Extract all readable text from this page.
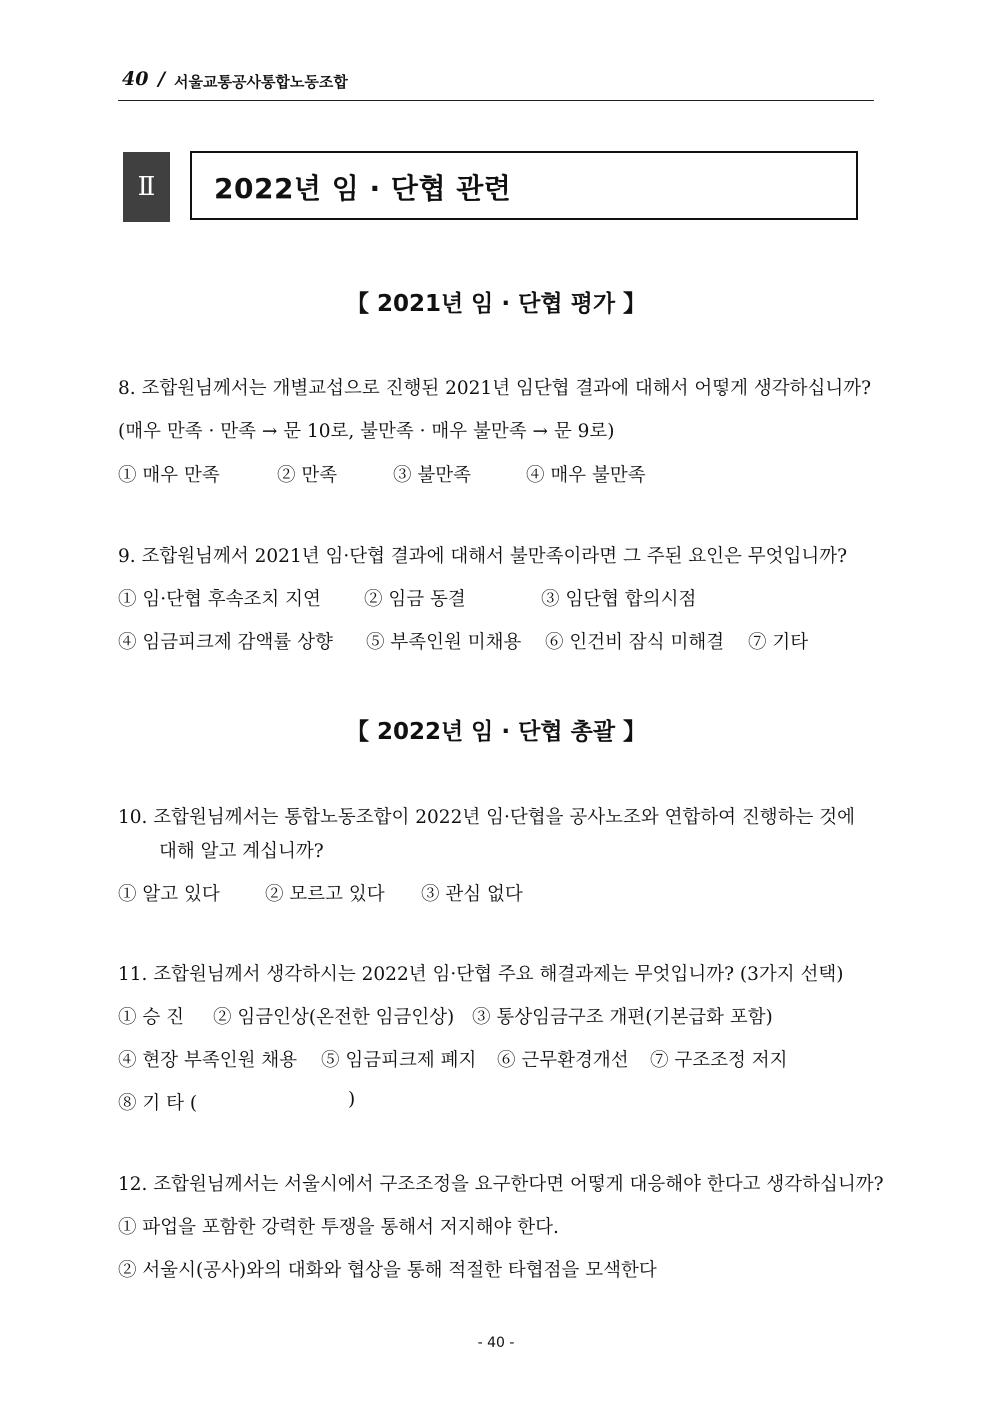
40 / 서울교통공사통합노동조합
Ⅱ	2022년 임 · 단협 관련
【 2021년 임 · 단협 평가 】
8. 조합원님께서는 개별교섭으로 진행된 2021년 임단협 결과에 대해서 어떻게 생각하십니까?
(매우 만족 · 만족 → 문 10로, 불만족 · 매우 불만족 → 문 9로)
① 매우 만족	② 만족	③ 불만족	④ 매우 불만족
9. 조합원님께서 2021년 임·단협 결과에 대해서 불만족이라면 그 주된 요인은 무엇입니까?
① 임·단협 후속조치 지연 ② 임금 동결	③ 임단협 합의시점
④ 임금피크제 감액률 상향 ⑤ 부족인원 미채용 ⑥ 인건비 잠식 미해결 ⑦ 기타
【 2022년 임 · 단협 총괄 】
10. 조합원님께서는 통합노동조합이 2022년 임·단협을 공사노조와 연합하여 진행하는 것에
대해 알고 계십니까?
① 알고 있다 ② 모르고 있다 ③ 관심 없다
11. 조합원님께서 생각하시는 2022년 임·단협 주요 해결과제는 무엇입니까? (3가지 선택)
① 승 진 ② 임금인상(온전한 임금인상) ③ 통상임금구조 개편(기본급화 포함)
④ 현장 부족인원 채용 ⑤ 임금피크제 폐지 ⑥ 근무환경개선 ⑦ 구조조정 저지
⑧ 기 타 (	)
12. 조합원님께서는 서울시에서 구조조정을 요구한다면 어떻게 대응해야 한다고 생각하십니까?
① 파업을 포함한 강력한 투쟁을 통해서 저지해야 한다.
② 서울시(공사)와의 대화와 협상을 통해 적절한 타협점을 모색한다
- 40 -
